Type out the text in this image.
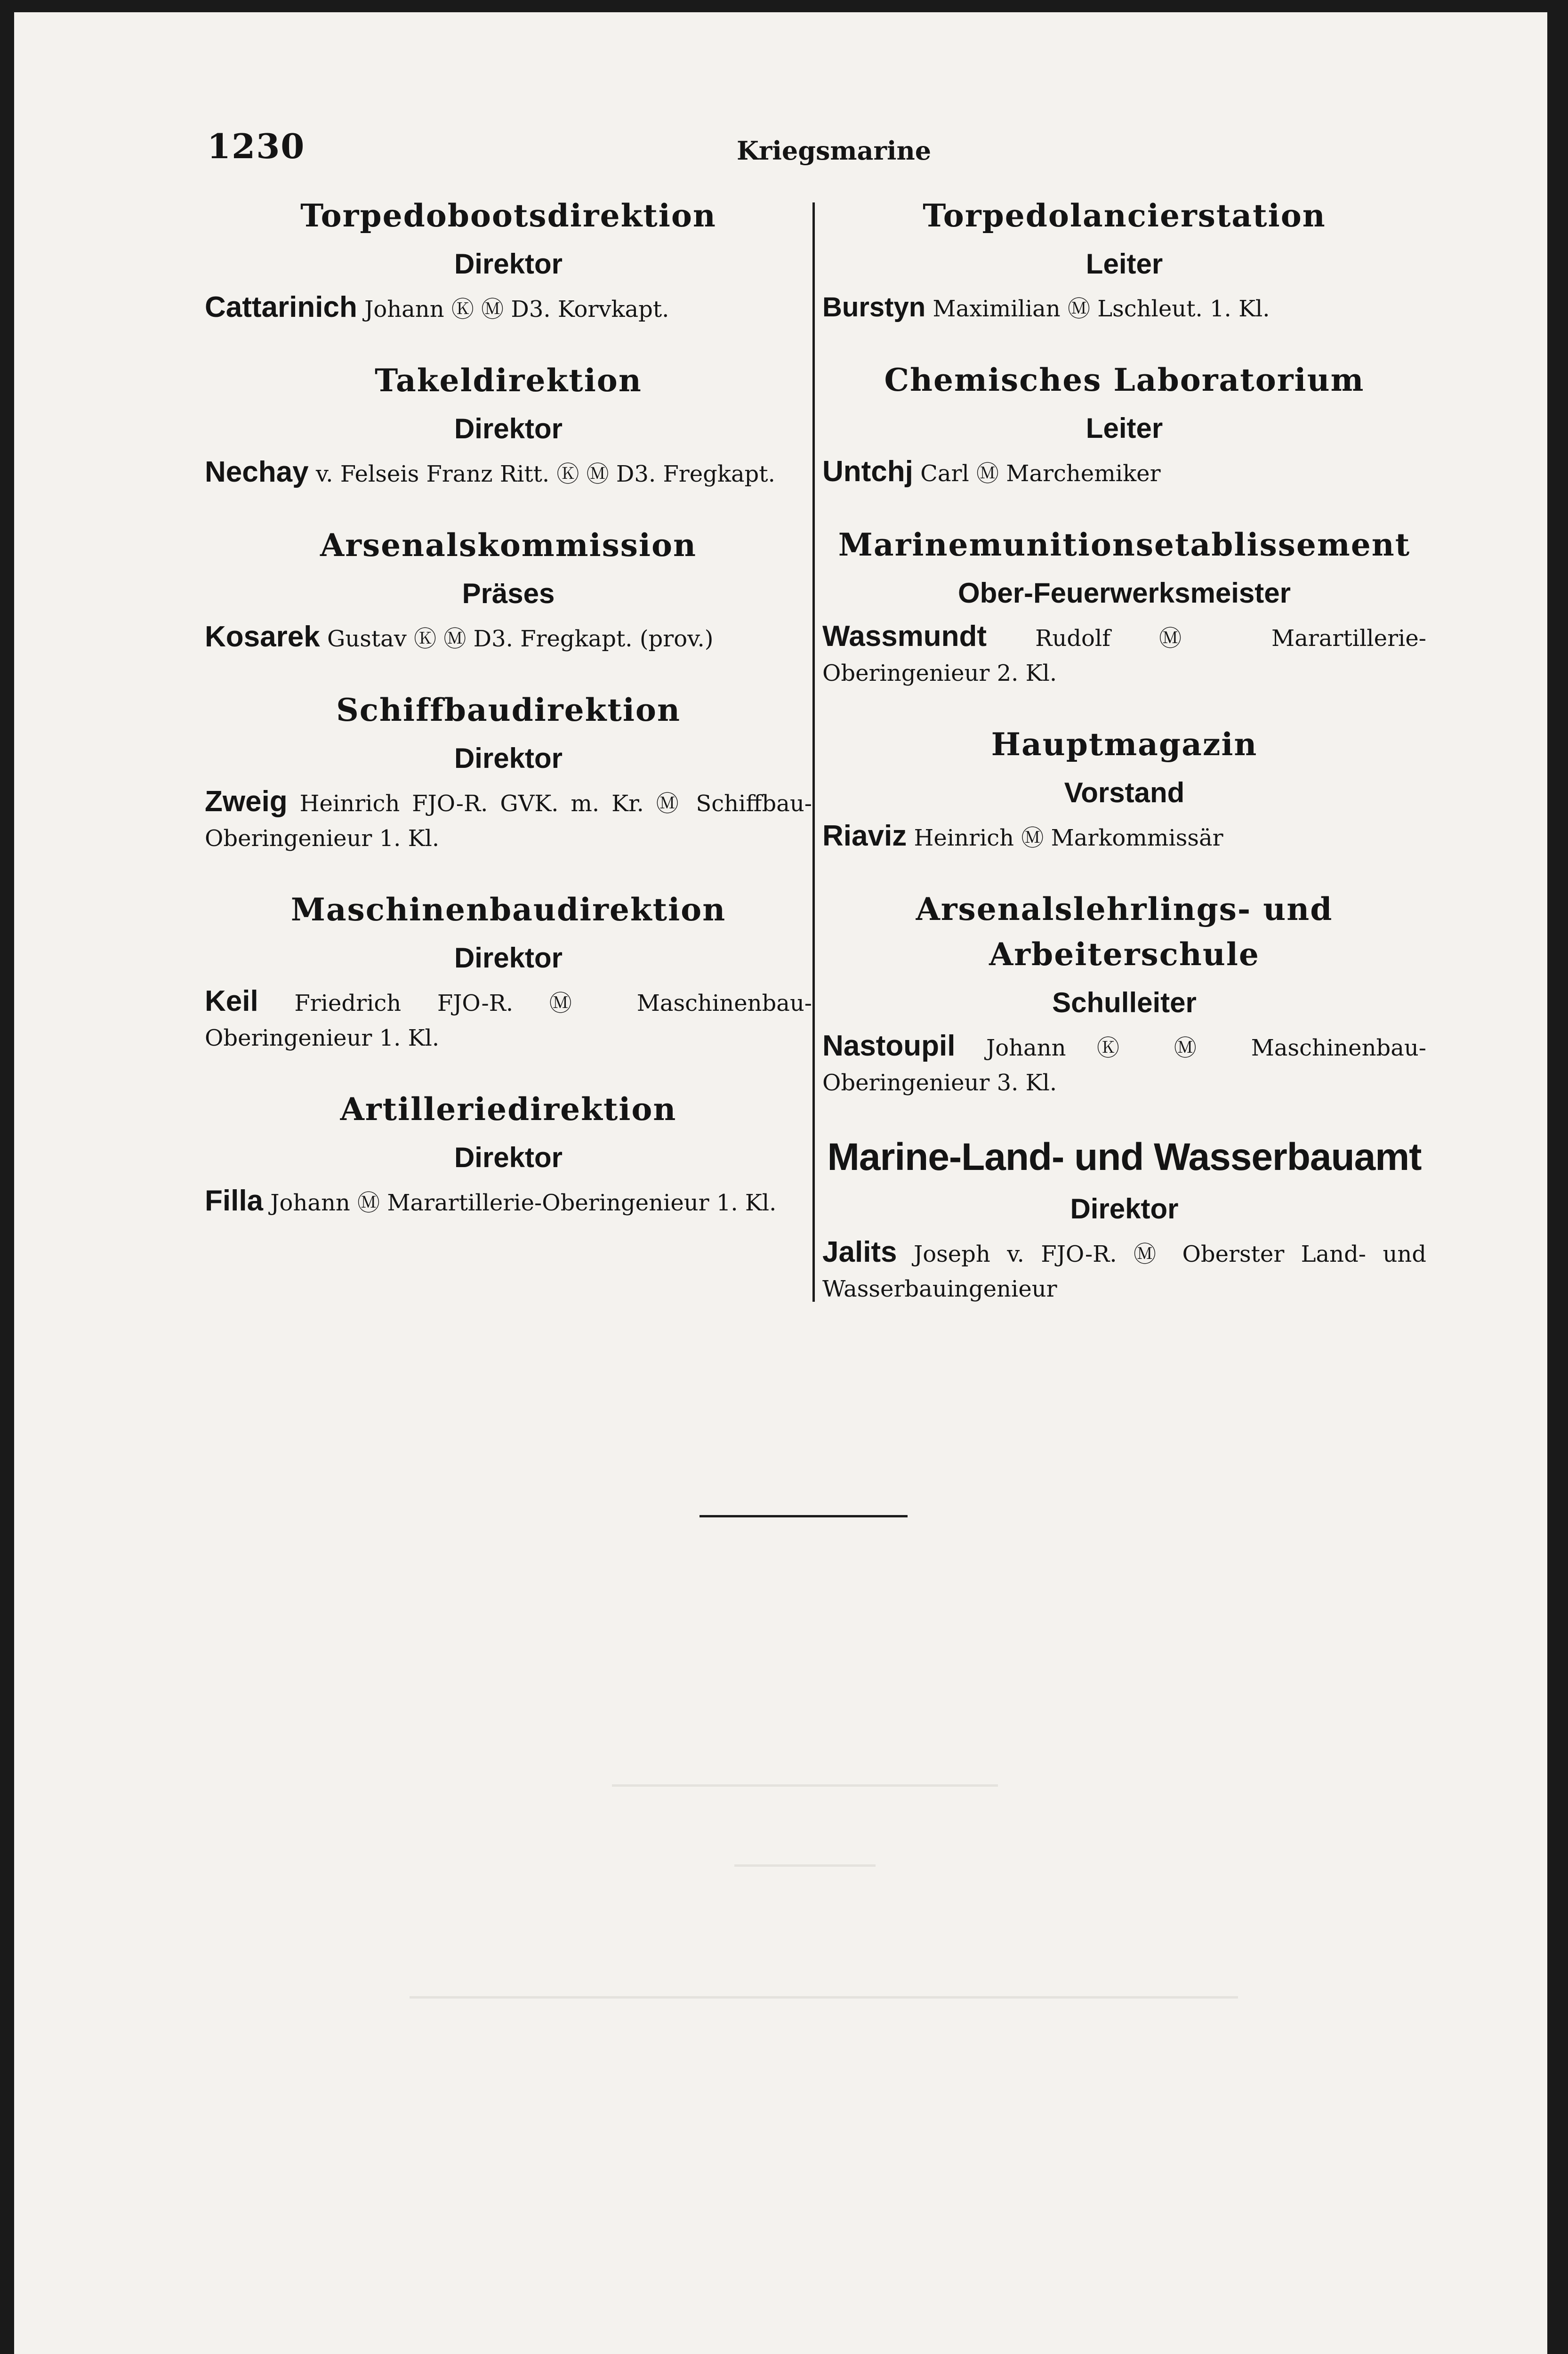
1230	Kriegsmarine
Torpedobootsdirektion
Direktor
Cattarinich Johann Ⓚ Ⓜ D3. Korvkapt.
Takeldirektion
Direktor
Nechay v. Felseis Franz Ritt. Ⓚ Ⓜ D3. Fregkapt.
Arsenalskommission
Präses
Kosarek Gustav Ⓚ Ⓜ D3. Fregkapt. (prov.)
Schiffbaudirektion
Direktor
Zweig Heinrich FJO-R. GVK. m. Kr. Ⓜ Schiffbau-Oberingenieur 1. Kl.
Maschinenbaudirektion
Direktor
Keil Friedrich FJO-R. Ⓜ Maschinenbau-Oberingenieur 1. Kl.
Artilleriedirektion
Direktor
Filla Johann Ⓜ Marartillerie-Oberingenieur 1. Kl.
Torpedolancierstation
Leiter
Burstyn Maximilian Ⓜ Lschleut. 1. Kl.
Chemisches Laboratorium
Leiter
Untchj Carl Ⓜ Marchemiker
Marinemunitionsetablissement
Ober-Feuerwerksmeister
Wassmundt Rudolf Ⓜ Marartillerie-Oberingenieur 2. Kl.
Hauptmagazin
Vorstand
Riaviz Heinrich Ⓜ Markommissär
Arsenalslehrlings- und Arbeiterschule
Schulleiter
Nastoupil Johann Ⓚ Ⓜ Maschinenbau-Oberingenieur 3. Kl.
Marine-Land- und Wasserbauamt
Direktor
Jalits Joseph v. FJO-R. Ⓜ Oberster Land- und Wasserbauingenieur
